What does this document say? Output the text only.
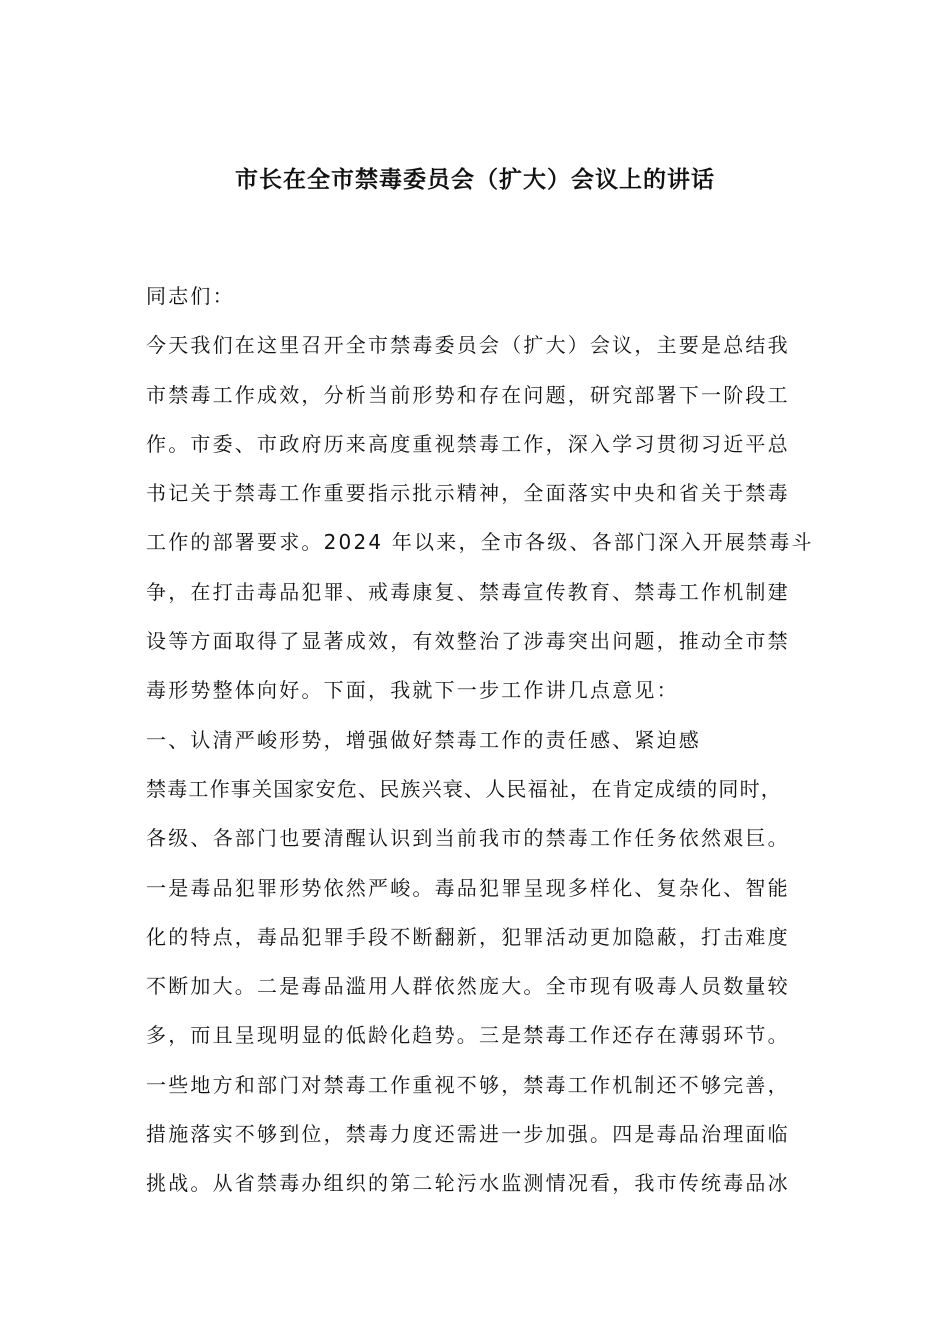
市长在全市禁毒委员会（扩大）会议上的讲话
同志们：
今天我们在这里召开全市禁毒委员会（扩大）会议，主要是总结我
市禁毒工作成效，分析当前形势和存在问题，研究部署下一阶段工
作。市委、市政府历来高度重视禁毒工作，深入学习贯彻习近平总
书记关于禁毒工作重要指示批示精神，全面落实中央和省关于禁毒
工作的部署要求。2024 年以来，全市各级、各部门深入开展禁毒斗
争，在打击毒品犯罪、戒毒康复、禁毒宣传教育、禁毒工作机制建
设等方面取得了显著成效，有效整治了涉毒突出问题，推动全市禁
毒形势整体向好。下面，我就下一步工作讲几点意见：
一、认清严峻形势，增强做好禁毒工作的责任感、紧迫感
禁毒工作事关国家安危、民族兴衰、人民福祉，在肯定成绩的同时，
各级、各部门也要清醒认识到当前我市的禁毒工作任务依然艰巨。
一是毒品犯罪形势依然严峻。毒品犯罪呈现多样化、复杂化、智能
化的特点，毒品犯罪手段不断翻新，犯罪活动更加隐蔽，打击难度
不断加大。二是毒品滥用人群依然庞大。全市现有吸毒人员数量较
多，而且呈现明显的低龄化趋势。三是禁毒工作还存在薄弱环节。
一些地方和部门对禁毒工作重视不够，禁毒工作机制还不够完善，
措施落实不够到位，禁毒力度还需进一步加强。四是毒品治理面临
挑战。从省禁毒办组织的第二轮污水监测情况看，我市传统毒品冰
